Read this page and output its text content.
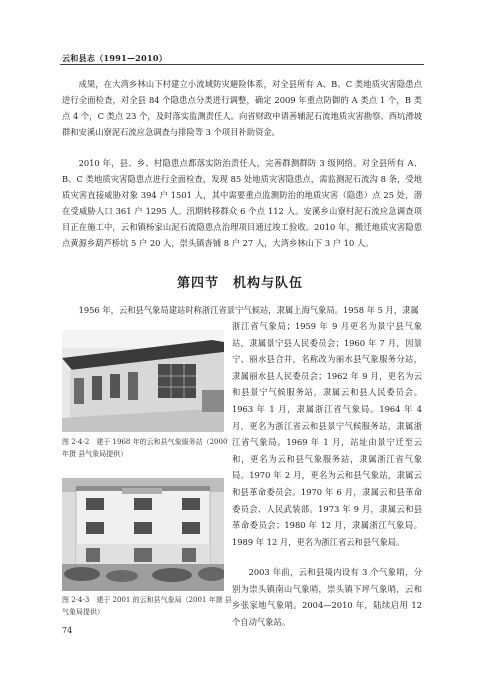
云和县志（1991—2010）

成果，在大湾乡林山下村建立小流域防灾避险体系，对全县所有 A、B、C 类地质灾害隐患点进行全面检查，对全县 84 个隐患点分类进行调整，确定 2009 年重点防御的 A 类点 1 个，B 类点 4 个，C 类点 23 个，及时落实监测责任人。向省财政申请善辅泥石流地质灾害勘察、西坑滑坡群和安溪山寮泥石流应急调查与排险等 3 个项目补助资金。

2010 年，县、乡、村隐患点都落实防治责任人，完善群测群防 3 级网络。对全县所有 A、B、C 类地质灾害隐患点进行全面检查，发现 85 处地质灾害隐患点，需监测泥石流沟 8 条，受地质灾害直接威胁对象 394 户 1501 人，其中需要重点监测防治的地质灾害（隐患）点 25 处，潜在受威胁人口 361 户 1295 人。汛期转移群众 6 个点 112 人。安溪乡山寮村泥石流应急调查项目正在施工中，云和镇杨家山泥石流隐患点治理项目通过竣工验收。2010 年，搬迁地质灾害隐患点黄源乡葫芦桥坑 5 户 20 人，崇头镇沓铺 8 户 27 人，大湾乡林山下 3 户 10 人。

第四节　机构与队伍

1956 年，云和县气象局建站时称浙江省景宁气候站，隶属上海气象局。1958 年 5 月，隶属

图 2-4-2　建于 1968 年的云和县气象服务站（2000 年摄 县气象局提供）
图 2-4-3　建于 2001 的云和县气象局（2001 年摄 县气象局提供）

浙江省气象局；1959 年 9 月更名为景宁县气象站，隶属景宁县人民委员会；1960 年 7 月，因景宁、丽水县合并，名称改为丽水县气象服务分站，隶属丽水县人民委员会；1962 年 9 月，更名为云和县景宁气候服务站，隶属云和县人民委员会。1963 年 1 月，隶属浙江省气象局。1964 年 4 月，更名为浙江省云和县景宁气候服务站，隶属浙江省气象局。1969 年 1 月，站址由景宁迁至云和，更名为云和县气象服务站，隶属浙江省气象局。1970 年 2 月，更名为云和县气象站，隶属云和县革命委员会。1970 年 6 月，隶属云和县革命委员会、人民武装部。1973 年 9 月，隶属云和县革命委员会；1980 年 12 月，隶属浙江气象局。1989 年 12 月，更名为浙江省云和县气象局。

2003 年前，云和县境内设有 3 个气象哨，分别为崇头镇南山气象哨，崇头镇下坪气象哨，云和乡张家地气象哨。2004—2010 年，陆续启用 12 个自动气象站。

74
